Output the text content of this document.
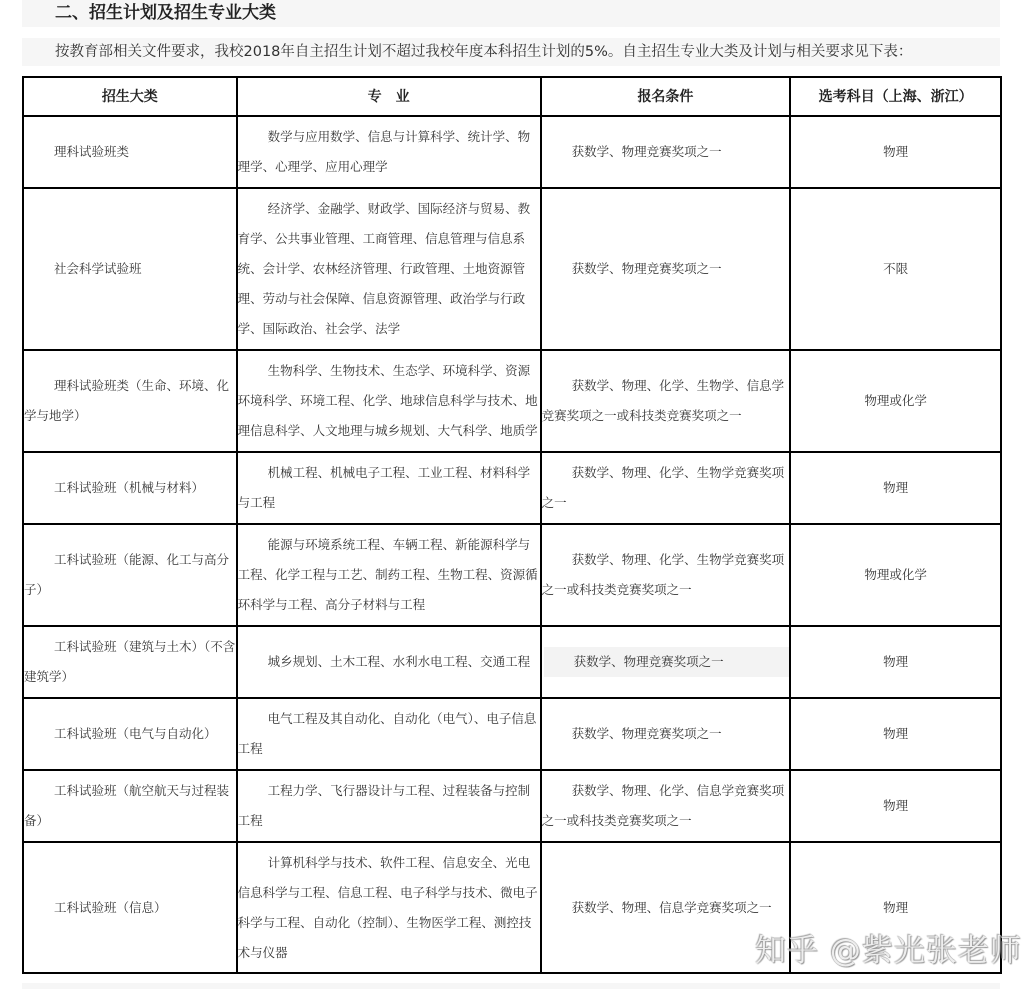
二、招生计划及招生专业大类
按教育部相关文件要求，我校2018年自主招生计划不超过我校年度本科招生计划的5%。自主招生专业大类及计划与相关要求见下表：
招生大类	专　业	报名条件	选考科目（上海、浙江）
理科试验班类	数学与应用数学、信息与计算科学、统计学、物理学、心理学、应用心理学	获数学、物理竞赛奖项之一	物理
社会科学试验班	经济学、金融学、财政学、国际经济与贸易、教育学、公共事业管理、工商管理、信息管理与信息系统、会计学、农林经济管理、行政管理、土地资源管理、劳动与社会保障、信息资源管理、政治学与行政学、国际政治、社会学、法学	获数学、物理竞赛奖项之一	不限
理科试验班类（生命、环境、化学与地学）	生物科学、生物技术、生态学、环境科学、资源环境科学、环境工程、化学、地球信息科学与技术、地理信息科学、人文地理与城乡规划、大气科学、地质学	获数学、物理、化学、生物学、信息学竞赛奖项之一或科技类竞赛奖项之一	物理或化学
工科试验班（机械与材料）	机械工程、机械电子工程、工业工程、材料科学与工程	获数学、物理、化学、生物学竞赛奖项之一	物理
工科试验班（能源、化工与高分子）	能源与环境系统工程、车辆工程、新能源科学与工程、化学工程与工艺、制药工程、生物工程、资源循环科学与工程、高分子材料与工程	获数学、物理、化学、生物学竞赛奖项之一或科技类竞赛奖项之一	物理或化学
工科试验班（建筑与土木）（不含建筑学）	城乡规划、土木工程、水利水电工程、交通工程	获数学、物理竞赛奖项之一	物理
工科试验班（电气与自动化）	电气工程及其自动化、自动化（电气）、电子信息工程	获数学、物理竞赛奖项之一	物理
工科试验班（航空航天与过程装备）	工程力学、飞行器设计与工程、过程装备与控制工程	获数学、物理、化学、信息学竞赛奖项之一或科技类竞赛奖项之一	物理
工科试验班（信息）	计算机科学与技术、软件工程、信息安全、光电信息科学与工程、信息工程、电子科学与技术、微电子科学与工程、自动化（控制）、生物医学工程、测控技术与仪器	获数学、物理、信息学竞赛奖项之一	物理
知乎 @紫光张老师
